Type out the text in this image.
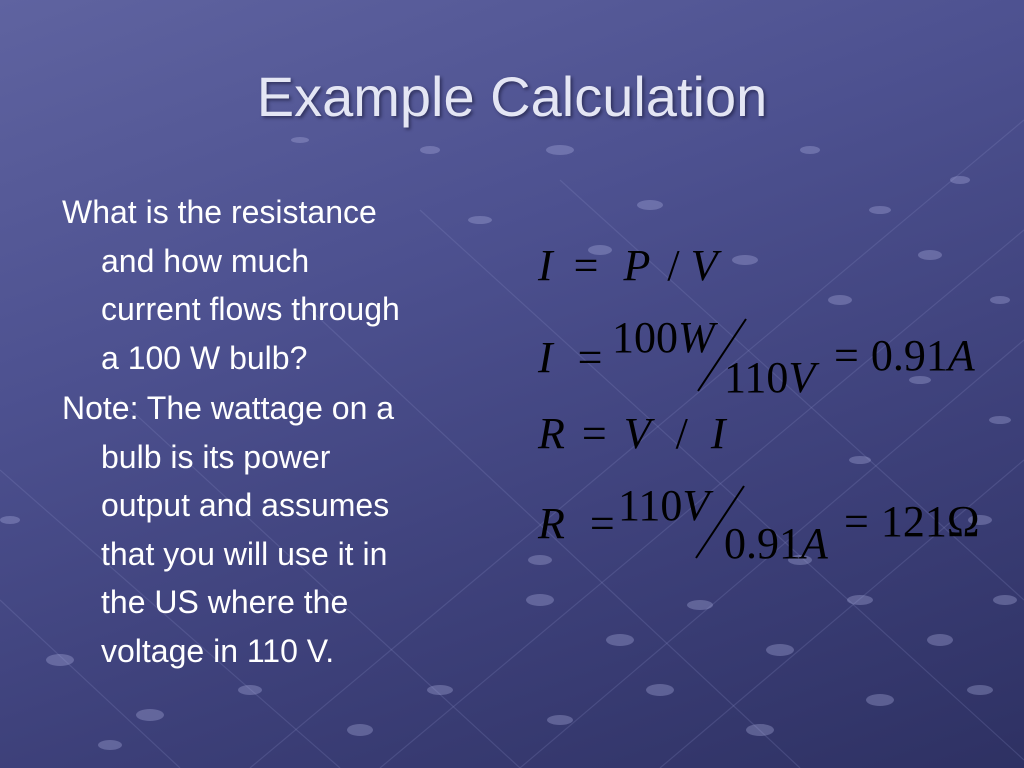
Example Calculation
What is the resistance
and how much
current flows through
a 100 W bulb?
Note: The wattage on a
bulb is its power
output and assumes
that you will use it in
the US where the
voltage in 110 V.
I = P / V
I = 100W
110V = 0.91A
R = V / I
R = 110V
0.91A = 121Ω
